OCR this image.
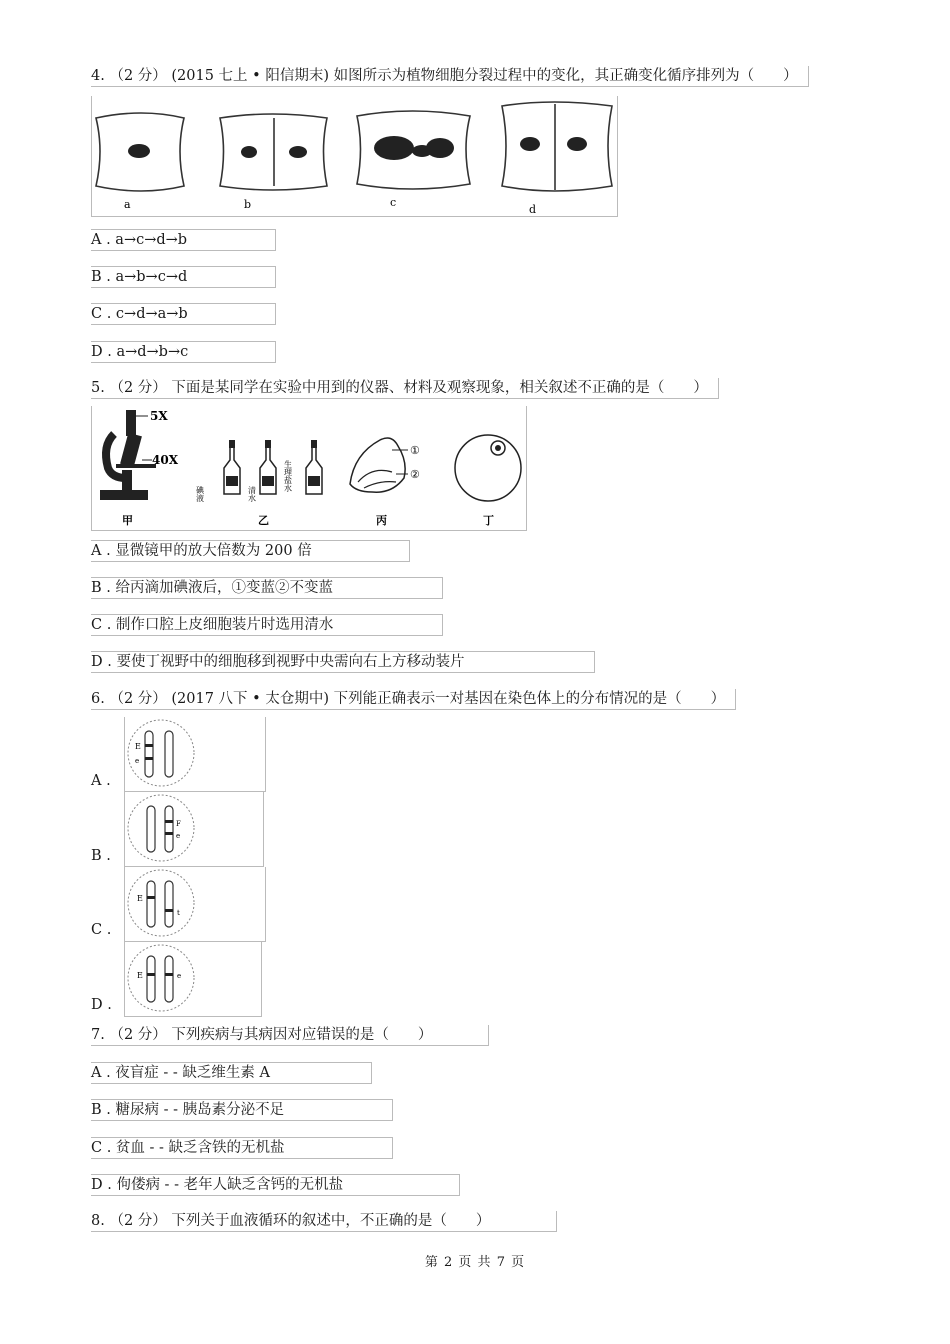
4. （2 分） (2015 七上 • 阳信期末) 如图所示为植物细胞分裂过程中的变化，其正确变化循序排列为（　　）
a	b	c
d
A . a→c→d→b
B . a→b→c→d
C . c→d→a→b
D . a→d→b→c
5. （2 分） 下面是某同学在实验中用到的仪器、材料及观察现象，相关叙述不正确的是（　　）
5X
40X
甲
碘液	清水
生理盐水
乙
①
②
丙	丁
A . 显微镜甲的放大倍数为 200 倍
B . 给丙滴加碘液后，①变蓝②不变蓝
C . 制作口腔上皮细胞装片时选用清水
D . 要使丁视野中的细胞移到视野中央需向右上方移动装片
6. （2 分） (2017 八下 • 太仓期中) 下列能正确表示一对基因在染色体上的分布情况的是（　　）
A .
E
e
B .
F
e
C .
E
t
D .
E	e
7. （2 分） 下列疾病与其病因对应错误的是（　　）
A . 夜盲症 - - 缺乏维生素 A
B . 糖尿病 - - 胰岛素分泌不足
C . 贫血 - - 缺乏含铁的无机盐
D . 佝偻病 - - 老年人缺乏含钙的无机盐
8. （2 分） 下列关于血液循环的叙述中，不正确的是（　　）
第 2 页 共 7 页
